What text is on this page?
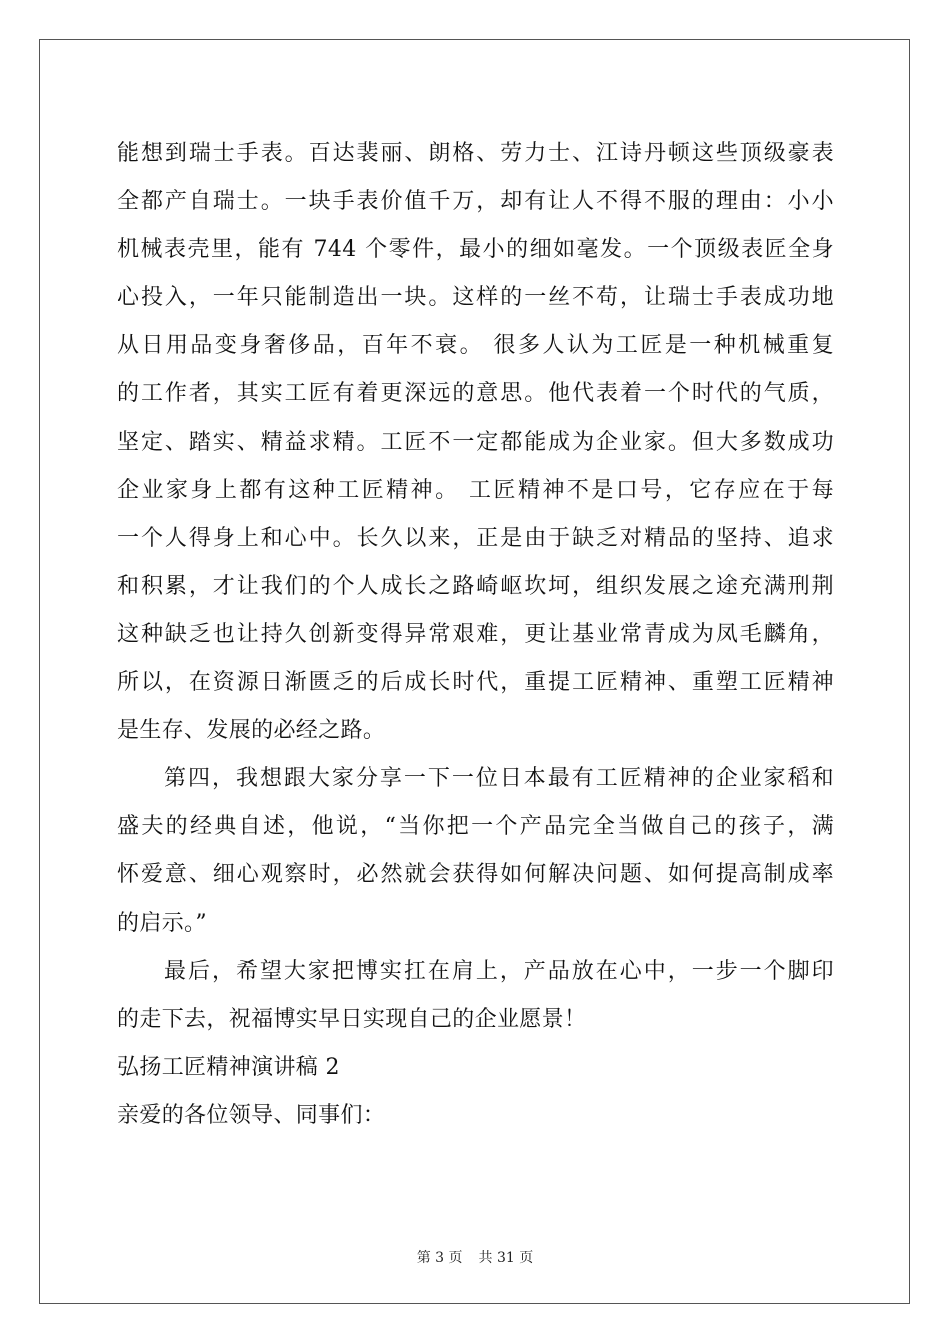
能想到瑞士手表。百达裴丽、朗格、劳力士、江诗丹顿这些顶级豪表
全都产自瑞士。一块手表价值千万，却有让人不得不服的理由：小小
机械表壳里，能有 744 个零件，最小的细如毫发。一个顶级表匠全身
心投入，一年只能制造出一块。这样的一丝不苟，让瑞士手表成功地
从日用品变身奢侈品，百年不衰。 很多人认为工匠是一种机械重复
的工作者，其实工匠有着更深远的意思。他代表着一个时代的气质，
坚定、踏实、精益求精。工匠不一定都能成为企业家。但大多数成功
企业家身上都有这种工匠精神。 工匠精神不是口号，它存应在于每
一个人得身上和心中。长久以来，正是由于缺乏对精品的坚持、追求
和积累，才让我们的个人成长之路崎岖坎坷，组织发展之途充满刑荆
这种缺乏也让持久创新变得异常艰难，更让基业常青成为凤毛麟角，
所以，在资源日渐匮乏的后成长时代，重提工匠精神、重塑工匠精神
是生存、发展的必经之路。
第四，我想跟大家分享一下一位日本最有工匠精神的企业家稻和
盛夫的经典自述，他说，“当你把一个产品完全当做自己的孩子，满
怀爱意、细心观察时，必然就会获得如何解决问题、如何提高制成率
的启示。”
最后，希望大家把博实扛在肩上，产品放在心中，一步一个脚印
的走下去，祝福博实早日实现自己的企业愿景！
弘扬工匠精神演讲稿 2
亲爱的各位领导、同事们：
第 3 页 共 31 页
